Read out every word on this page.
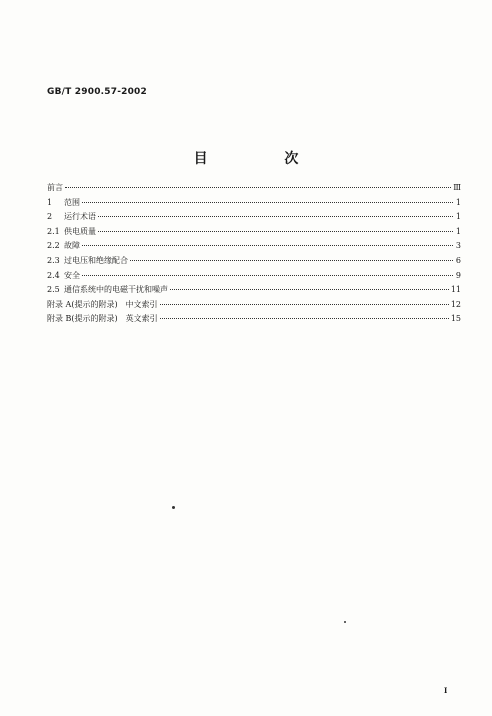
GB/T 2900.57-2002
目 次
前言	Ⅲ
1	范围	1
2	运行术语	1
2.1 供电质量	1
2.2 故障	3
2.3 过电压和绝缘配合	6
2.4 安全	9
2.5 通信系统中的电磁干扰和噪声	11
附录 A(提示的附录)　中文索引	12
附录 B(提示的附录)　英文索引	15
Ⅰ
